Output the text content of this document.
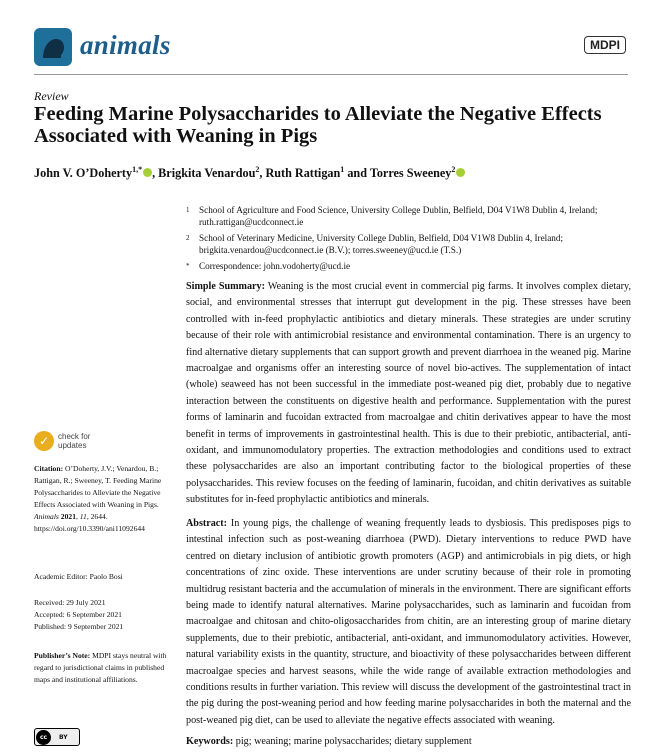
animals	MDPI
Review
Feeding Marine Polysaccharides to Alleviate the Negative Effects Associated with Weaning in Pigs
John V. O’Doherty$^{1,*}$ , Brigkita Venardou$^2$, Ruth Rattigan$^1$ and Torres Sweeney$^2$
1	School of Agriculture and Food Science, University College Dublin, Belfield, D04 V1W8 Dublin 4, Ireland;
ruth.rattigan@ucdconnect.ie
2	School of Veterinary Medicine, University College Dublin, Belfield, D04 V1W8 Dublin 4, Ireland;
brigkita.venardou@ucdconnect.ie (B.V.); torres.sweeney@ucd.ie (T.S.)
*	Correspondence: john.vodoherty@ucd.ie

Simple Summary: Weaning is the most crucial event in commercial pig farms. It involves complex dietary, social, and environmental stresses that interrupt gut development in the pig. These stresses have been controlled with in-feed prophylactic antibiotics and dietary minerals. These strategies are under scrutiny because of their role with antimicrobial resistance and environmental contamination. There is an urgency to find alternative dietary supplements that can support growth and prevent diarrhoea in the weaned pig. Marine macroalgae and organisms offer an interesting source of novel bio-actives. The supplementation of intact (whole) seaweed has not been successful in the immediate post-weaned pig diet, probably due to negative interaction between the constituents on digestive health and performance. Supplementation with the purest forms of laminarin and fucoidan extracted from macroalgae and chitin derivatives appear to have the most benefit in terms of improvements in gastrointestinal health. This is due to their prebiotic, antibacterial, anti-oxidant, and immunomodulatory properties. The extraction methodologies and conditions used to extract these polysaccharides are also an important contributing factor to the biological properties of these polysaccharides. This review focuses on the feeding of laminarin, fucoidan, and chitin derivatives as suitable substitutes for in-feed prophylactic antibiotics and minerals.

Abstract: In young pigs, the challenge of weaning frequently leads to dysbiosis. This predisposes pigs to intestinal infection such as post-weaning diarrhoea (PWD). Dietary interventions to reduce PWD have centred on dietary inclusion of antibiotic growth promoters (AGP) and antimicrobials in pig diets, or high concentrations of zinc oxide. These interventions are under scrutiny because of their role in promoting multidrug resistant bacteria and the accumulation of minerals in the environment. There are significant efforts being made to identify natural alternatives. Marine polysaccharides, such as laminarin and fucoidan from macroalgae and chitosan and chito-oligosaccharides from chitin, are an interesting group of marine dietary supplements, due to their prebiotic, antibacterial, anti-oxidant, and immunomodulatory activities. However, natural variability exists in the quantity, structure, and bioactivity of these polysaccharides between different macroalgae species and harvest seasons, while the wide range of available extraction methodologies and conditions results in further variation. This review will discuss the development of the gastrointestinal tract in the pig during the post-weaning period and how feeding marine polysaccharides in both the maternal and the post-weaned pig diet, can be used to alleviate the negative effects associated with weaning.

Keywords: pig; weaning; marine polysaccharides; dietary supplement

✓	check for
updates

Citation: O’Doherty, J.V.; Venardou, B.; Rattigan, R.; Sweeney, T. Feeding Marine Polysaccharides to Alleviate the Negative Effects Associated with Weaning in Pigs. Animals 2021, 11, 2644. https://doi.org/10.3390/ani11092644

Academic Editor: Paolo Bosi

Received: 29 July 2021
Accepted: 6 September 2021
Published: 9 September 2021

Publisher’s Note: MDPI stays neutral with regard to jurisdictional claims in published maps and institutional affiliations.

cc	BY
